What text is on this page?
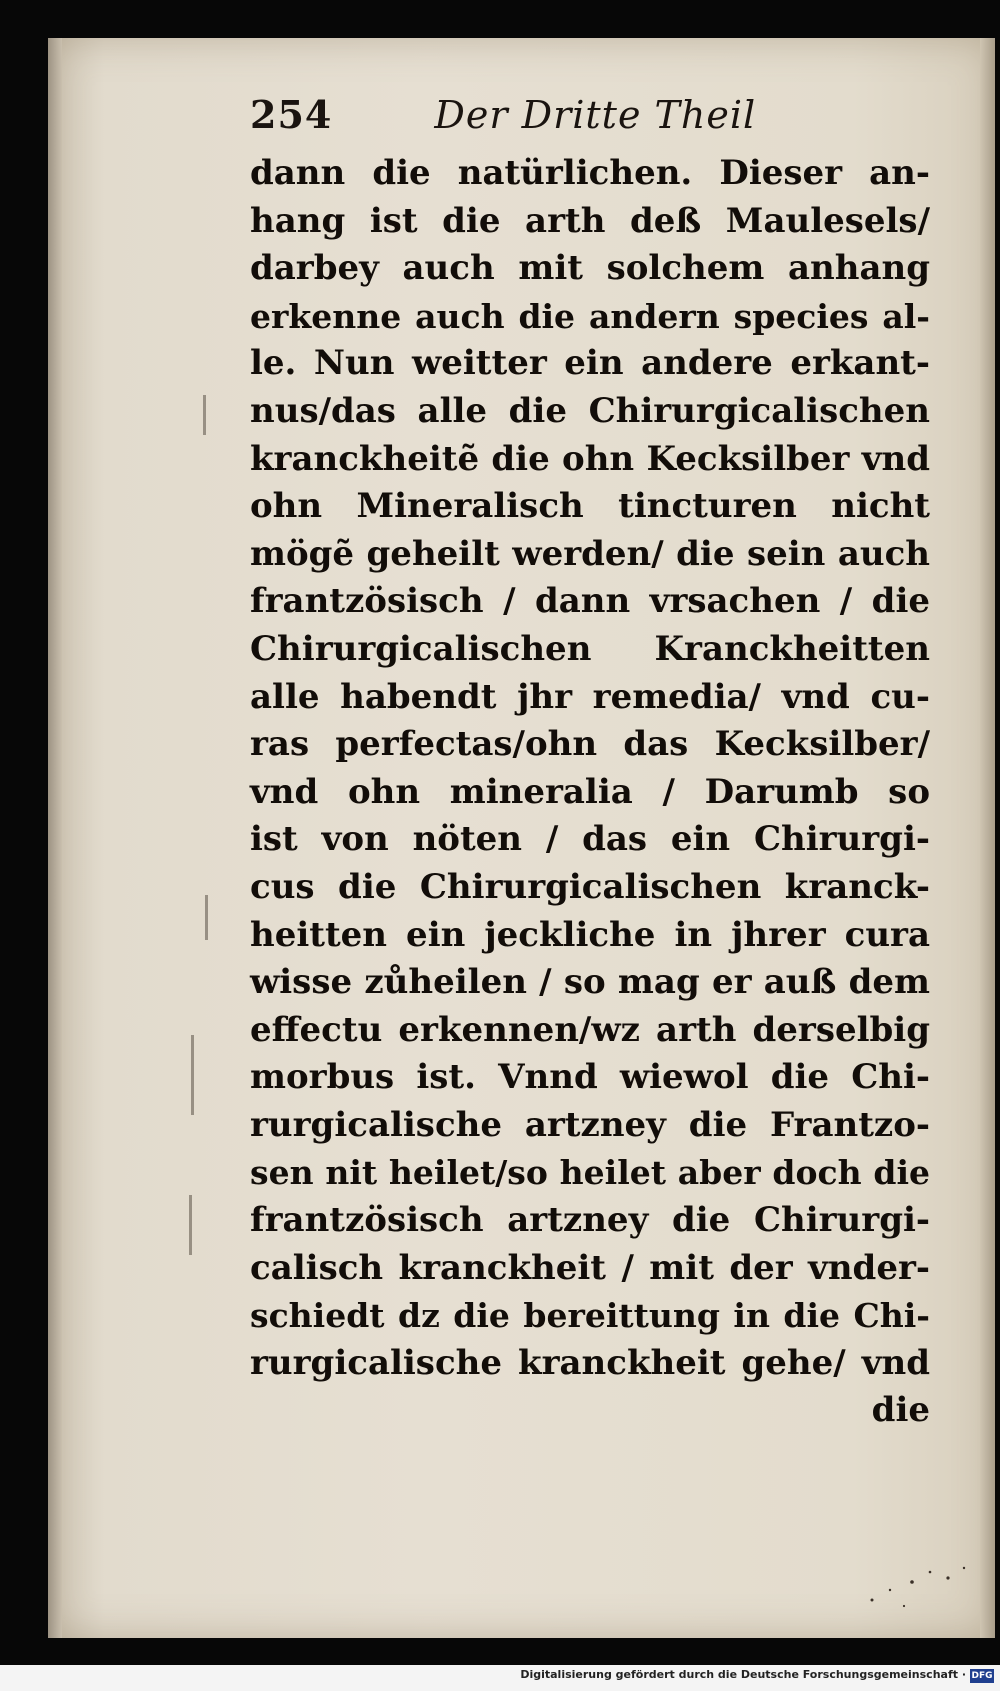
254	Der Dritte Theil
dann die natürlichen. Dieser an-
hang ist die arth deß Maulesels/
darbey auch mit solchem anhang
erkenne auch die andern species al-
le. Nun weitter ein andere erkant-
nus/das alle die Chirurgicalischen
kranckheitẽ die ohn Kecksilber vnd
ohn Mineralisch tincturen nicht
mögẽ geheilt werden/ die sein auch
frantzösisch / dann vrsachen / die
Chirurgicalischen Kranckheitten
alle habendt jhr remedia/ vnd cu-
ras perfectas/ohn das Kecksilber/
vnd ohn mineralia / Darumb so
ist von nöten / das ein Chirurgi-
cus die Chirurgicalischen kranck-
heitten ein jeckliche in jhrer cura
wisse zůheilen / so mag er auß dem
effectu erkennen/wz arth derselbig
morbus ist. Vnnd wiewol die Chi-
rurgicalische artzney die Frantzo-
sen nit heilet/so heilet aber doch die
frantzösisch artzney die Chirurgi-
calisch kranckheit / mit der vnder-
schiedt dz die bereittung in die Chi-
rurgicalische kranckheit gehe/ vnd
die
Digitalisierung gefördert durch die Deutsche Forschungsgemeinschaft · DFG
